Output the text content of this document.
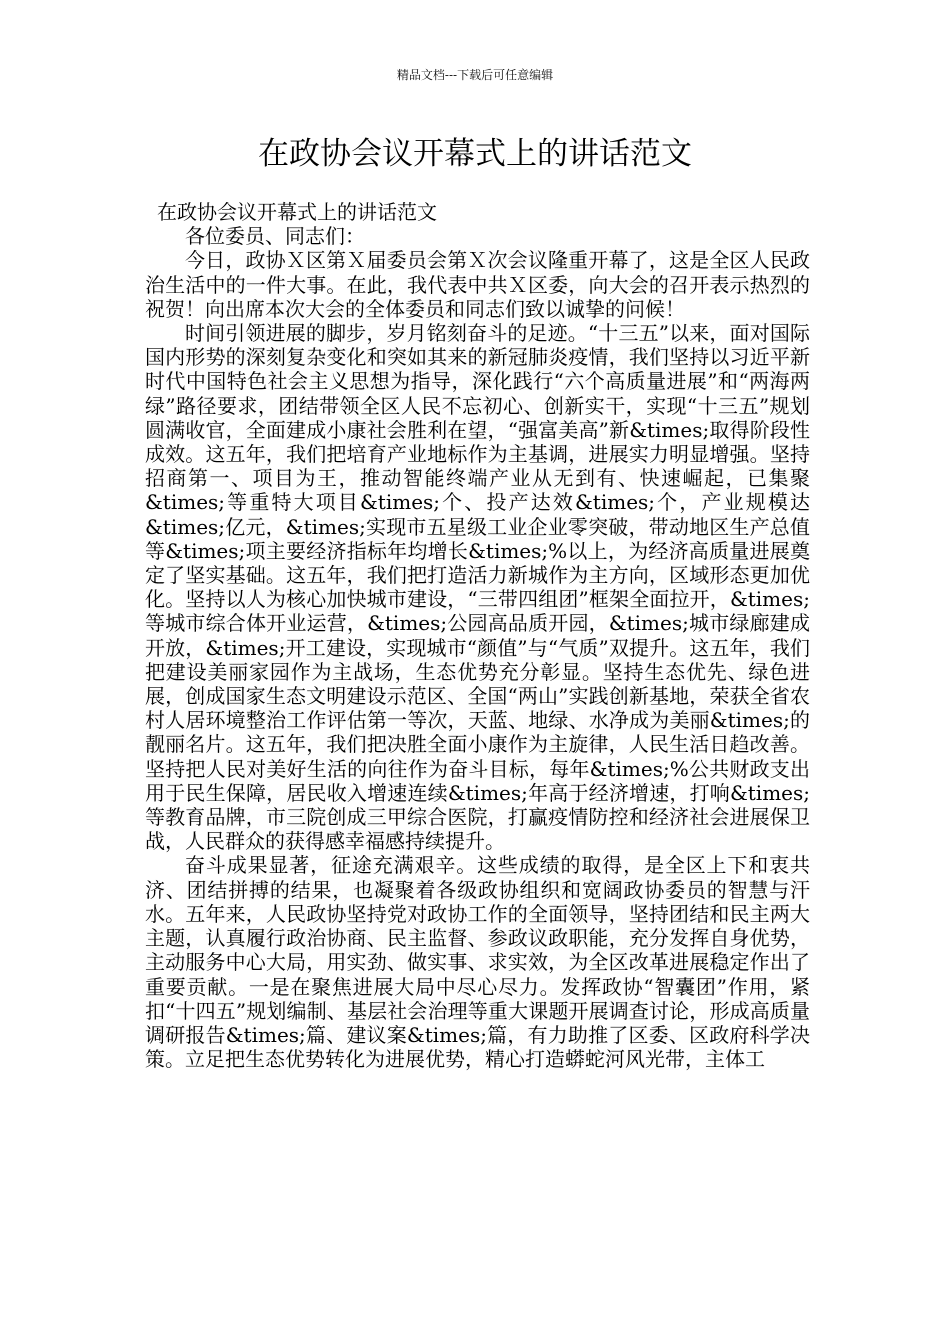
精品文档---下载后可任意编辑
在政协会议开幕式上的讲话范文

在政协会议开幕式上的讲话范文

各位委员、同志们：

今日，政协Ｘ区第Ｘ届委员会第Ｘ次会议隆重开幕了，这是全区人民政治生活中的一件大事。在此，我代表中共Ｘ区委，向大会的召开表示热烈的祝贺！向出席本次大会的全体委员和同志们致以诚挚的问候！

时间引领进展的脚步，岁月铭刻奋斗的足迹。“十三五”以来，面对国际国内形势的深刻复杂变化和突如其来的新冠肺炎疫情，我们坚持以习近平新时代中国特色社会主义思想为指导，深化践行“六个高质量进展”和“两海两绿”路径要求，团结带领全区人民不忘初心、创新实干，实现“十三五”规划圆满收官，全面建成小康社会胜利在望，“强富美高”新&times;取得阶段性成效。这五年，我们把培育产业地标作为主基调，进展实力明显增强。坚持招商第一、项目为王，推动智能终端产业从无到有、快速崛起，已集聚&times;等重特大项目&times;个、投产达效&times;个，产业规模达&times;亿元，&times;实现市五星级工业企业零突破，带动地区生产总值等&times;项主要经济指标年均增长&times;%以上，为经济高质量进展奠定了坚实基础。这五年，我们把打造活力新城作为主方向，区域形态更加优化。坚持以人为核心加快城市建设，“三带四组团”框架全面拉开，&times;等城市综合体开业运营，&times;公园高品质开园，&times;城市绿廊建成开放，&times;开工建设，实现城市“颜值”与“气质”双提升。这五年，我们把建设美丽家园作为主战场，生态优势充分彰显。坚持生态优先、绿色进展，创成国家生态文明建设示范区、全国“两山”实践创新基地，荣获全省农村人居环境整治工作评估第一等次，天蓝、地绿、水净成为美丽&times;的靓丽名片。这五年，我们把决胜全面小康作为主旋律，人民生活日趋改善。坚持把人民对美好生活的向往作为奋斗目标，每年&times;%公共财政支出用于民生保障，居民收入增速连续&times;年高于经济增速，打响&times;等教育品牌，市三院创成三甲综合医院，打赢疫情防控和经济社会进展保卫战，人民群众的获得感幸福感持续提升。

奋斗成果显著，征途充满艰辛。这些成绩的取得，是全区上下和衷共济、团结拼搏的结果，也凝聚着各级政协组织和宽阔政协委员的智慧与汗水。五年来，人民政协坚持党对政协工作的全面领导，坚持团结和民主两大主题，认真履行政治协商、民主监督、参政议政职能，充分发挥自身优势，主动服务中心大局，用实劲、做实事、求实效，为全区改革进展稳定作出了重要贡献。一是在聚焦进展大局中尽心尽力。发挥政协“智囊团”作用，紧扣“十四五”规划编制、基层社会治理等重大课题开展调查讨论，形成高质量调研报告&times;篇、建议案&times;篇，有力助推了区委、区政府科学决策。立足把生态优势转化为进展优势，精心打造蟒蛇河风光带，主体工
